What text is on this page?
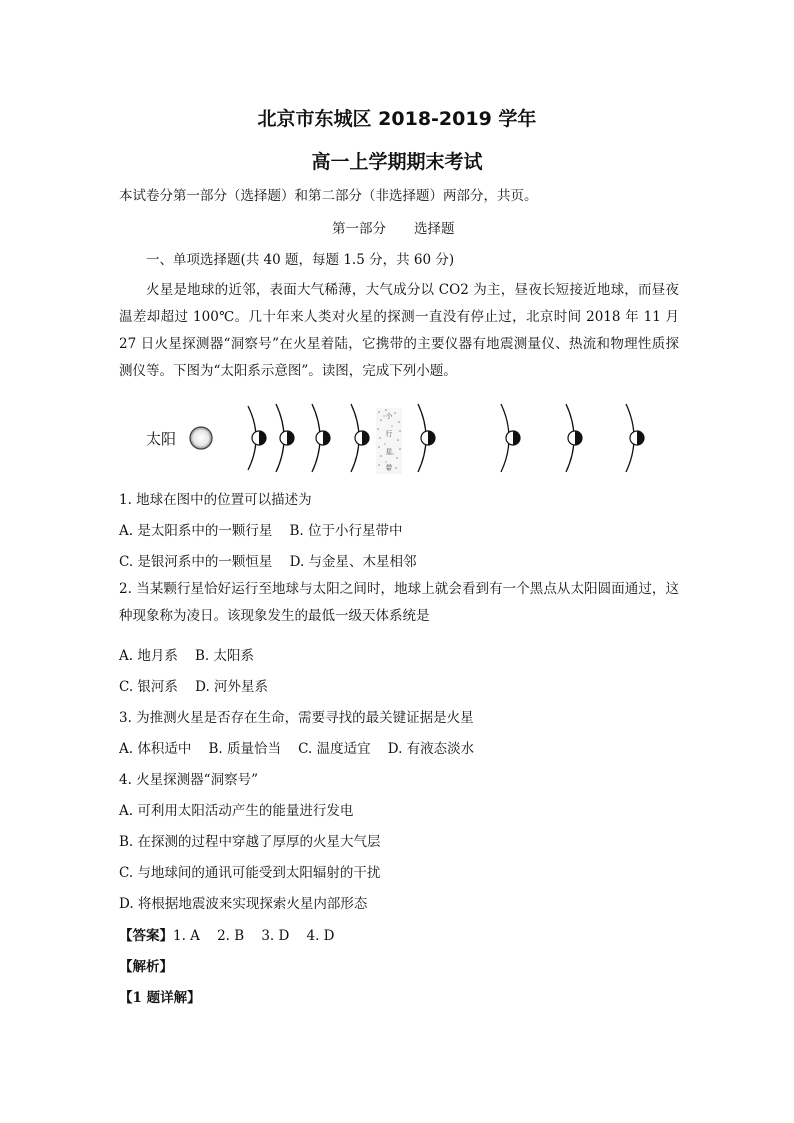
北京市东城区 2018-2019 学年
高一上学期期末考试
本试卷分第一部分（选择题）和第二部分（非选择题）两部分，共页。
第一部分 选择题
一、单项选择题(共 40 题，每题 1.5 分，共 60 分)
火星是地球的近邻，表面大气稀薄，大气成分以 CO2 为主，昼夜长短接近地球，而昼夜温差却超过 100℃。几十年来人类对火星的探测一直没有停止过，北京时间 2018 年 11 月 27 日火星探测器“洞察号”在火星着陆，它携带的主要仪器有地震测量仪、热流和物理性质探测仪等。下图为“太阳系示意图”。读图，完成下列小题。
小
行
星
带
太阳
1. 地球在图中的位置可以描述为
A. 是太阳系中的一颗行星    B. 位于小行星带中
C. 是银河系中的一颗恒星    D. 与金星、木星相邻
2. 当某颗行星恰好运行至地球与太阳之间时，地球上就会看到有一个黑点从太阳圆面通过，这种现象称为凌日。该现象发生的最低一级天体系统是
A. 地月系    B. 太阳系
C. 银河系    D. 河外星系
3. 为推测火星是否存在生命，需要寻找的最关键证据是火星
A. 体积适中    B. 质量恰当    C. 温度适宜    D. 有液态淡水
4. 火星探测器“洞察号”
A. 可利用太阳活动产生的能量进行发电
B. 在探测的过程中穿越了厚厚的火星大气层
C. 与地球间的通讯可能受到太阳辐射的干扰
D. 将根据地震波来实现探索火星内部形态
【答案】1. A    2. B    3. D    4. D
【解析】
【1 题详解】
